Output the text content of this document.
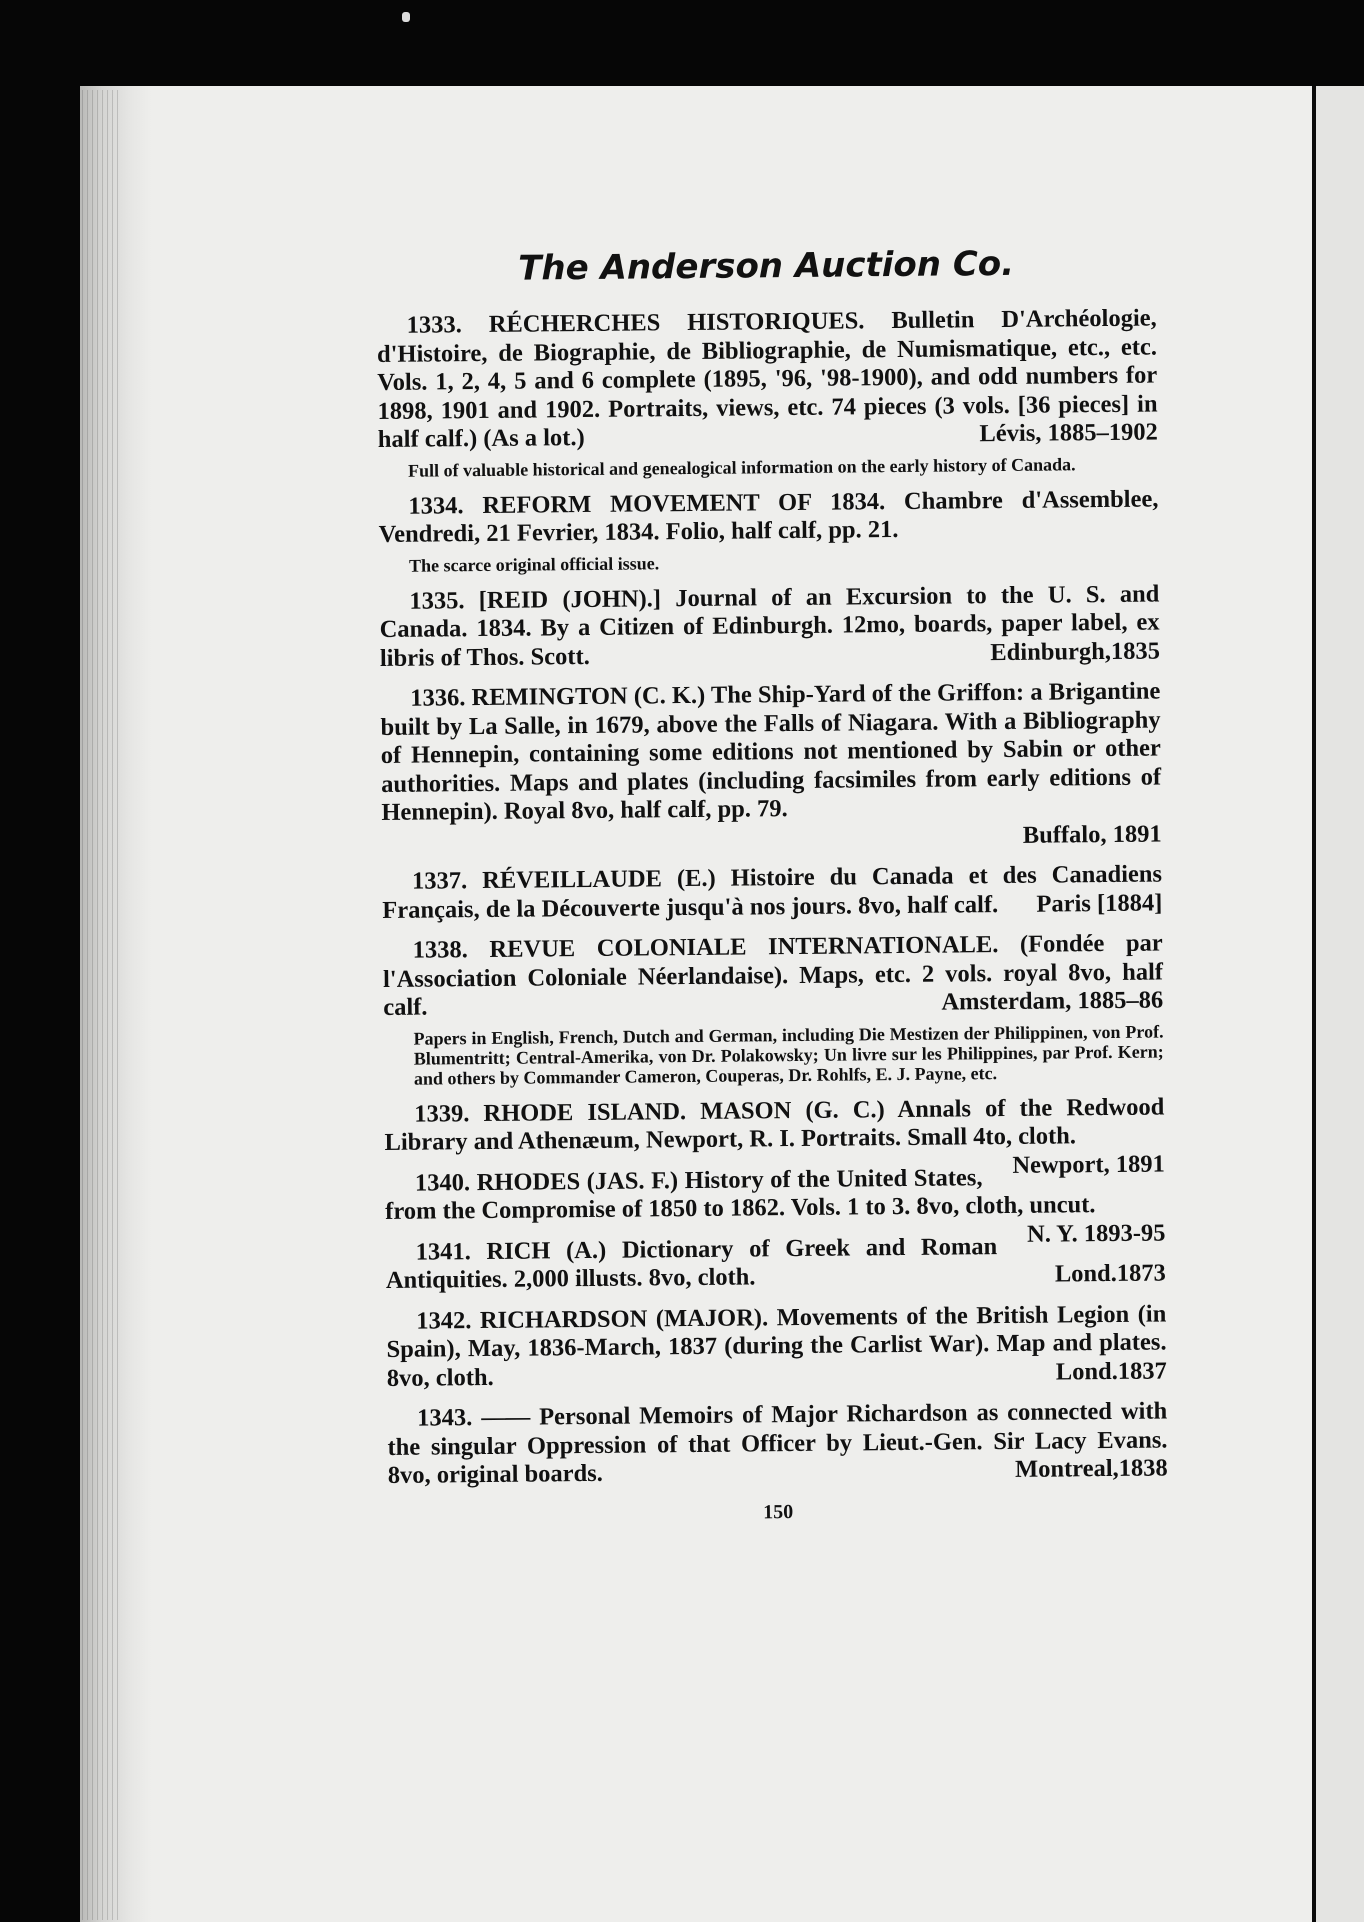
The Anderson Auction Co.

1333. RÉCHERCHES HISTORIQUES. Bulletin D'Archéologie, d'Histoire, de Biographie, de Bibliographie, de Numismatique, etc., etc. Vols. 1, 2, 4, 5 and 6 complete (1895, '96, '98-1900), and odd numbers for 1898, 1901 and 1902. Portraits, views, etc. 74 pieces (3 vols. [36 pieces] in half calf.) (As a lot.)	Lévis, 1885–1902

Full of valuable historical and genealogical information on the early history of Canada.

1334. REFORM MOVEMENT OF 1834. Chambre d'Assemblee, Vendredi, 21 Fevrier, 1834. Folio, half calf, pp. 21.

The scarce original official issue.

1335. [REID (JOHN).] Journal of an Excursion to the U. S. and Canada. 1834. By a Citizen of Edinburgh. 12mo, boards, paper label, ex libris of Thos. Scott.	Edinburgh,1835

1336. REMINGTON (C. K.) The Ship-Yard of the Griffon: a Brigantine built by La Salle, in 1679, above the Falls of Niagara. With a Bibliography of Hennepin, containing some editions not mentioned by Sabin or other authorities. Maps and plates (including facsimiles from early editions of Hennepin). Royal 8vo, half calf, pp. 79.

Buffalo, 1891

1337. RÉVEILLAUDE (E.) Histoire du Canada et des Canadiens Français, de la Découverte jusqu'à nos jours. 8vo, half calf.	Paris [1884]

1338. REVUE COLONIALE INTERNATIONALE. (Fondée par l'Association Coloniale Néerlandaise). Maps, etc. 2 vols. royal 8vo, half calf.	Amsterdam, 1885–86

Papers in English, French, Dutch and German, including Die Mestizen der Philippinen, von Prof. Blumentritt; Central-Amerika, von Dr. Polakowsky; Un livre sur les Philippines, par Prof. Kern; and others by Commander Cameron, Couperas, Dr. Rohlfs, E. J. Payne, etc.

1339. RHODE ISLAND. MASON (G. C.) Annals of the Redwood Library and Athenæum, Newport, R. I. Portraits. Small 4to, cloth.
Newport, 1891

1340. RHODES (JAS. F.) History of the United States, from the Compromise of 1850 to 1862. Vols. 1 to 3. 8vo, cloth, uncut.
N. Y. 1893-95

1341. RICH (A.) Dictionary of Greek and Roman Antiquities. 2,000 illusts. 8vo, cloth.	Lond.1873

1342. RICHARDSON (MAJOR). Movements of the British Legion (in Spain), May, 1836-March, 1837 (during the Carlist War). Map and plates. 8vo, cloth.	Lond.1837

1343. —— Personal Memoirs of Major Richardson as connected with the singular Oppression of that Officer by Lieut.-Gen. Sir Lacy Evans. 8vo, original boards.	Montreal,1838

150
